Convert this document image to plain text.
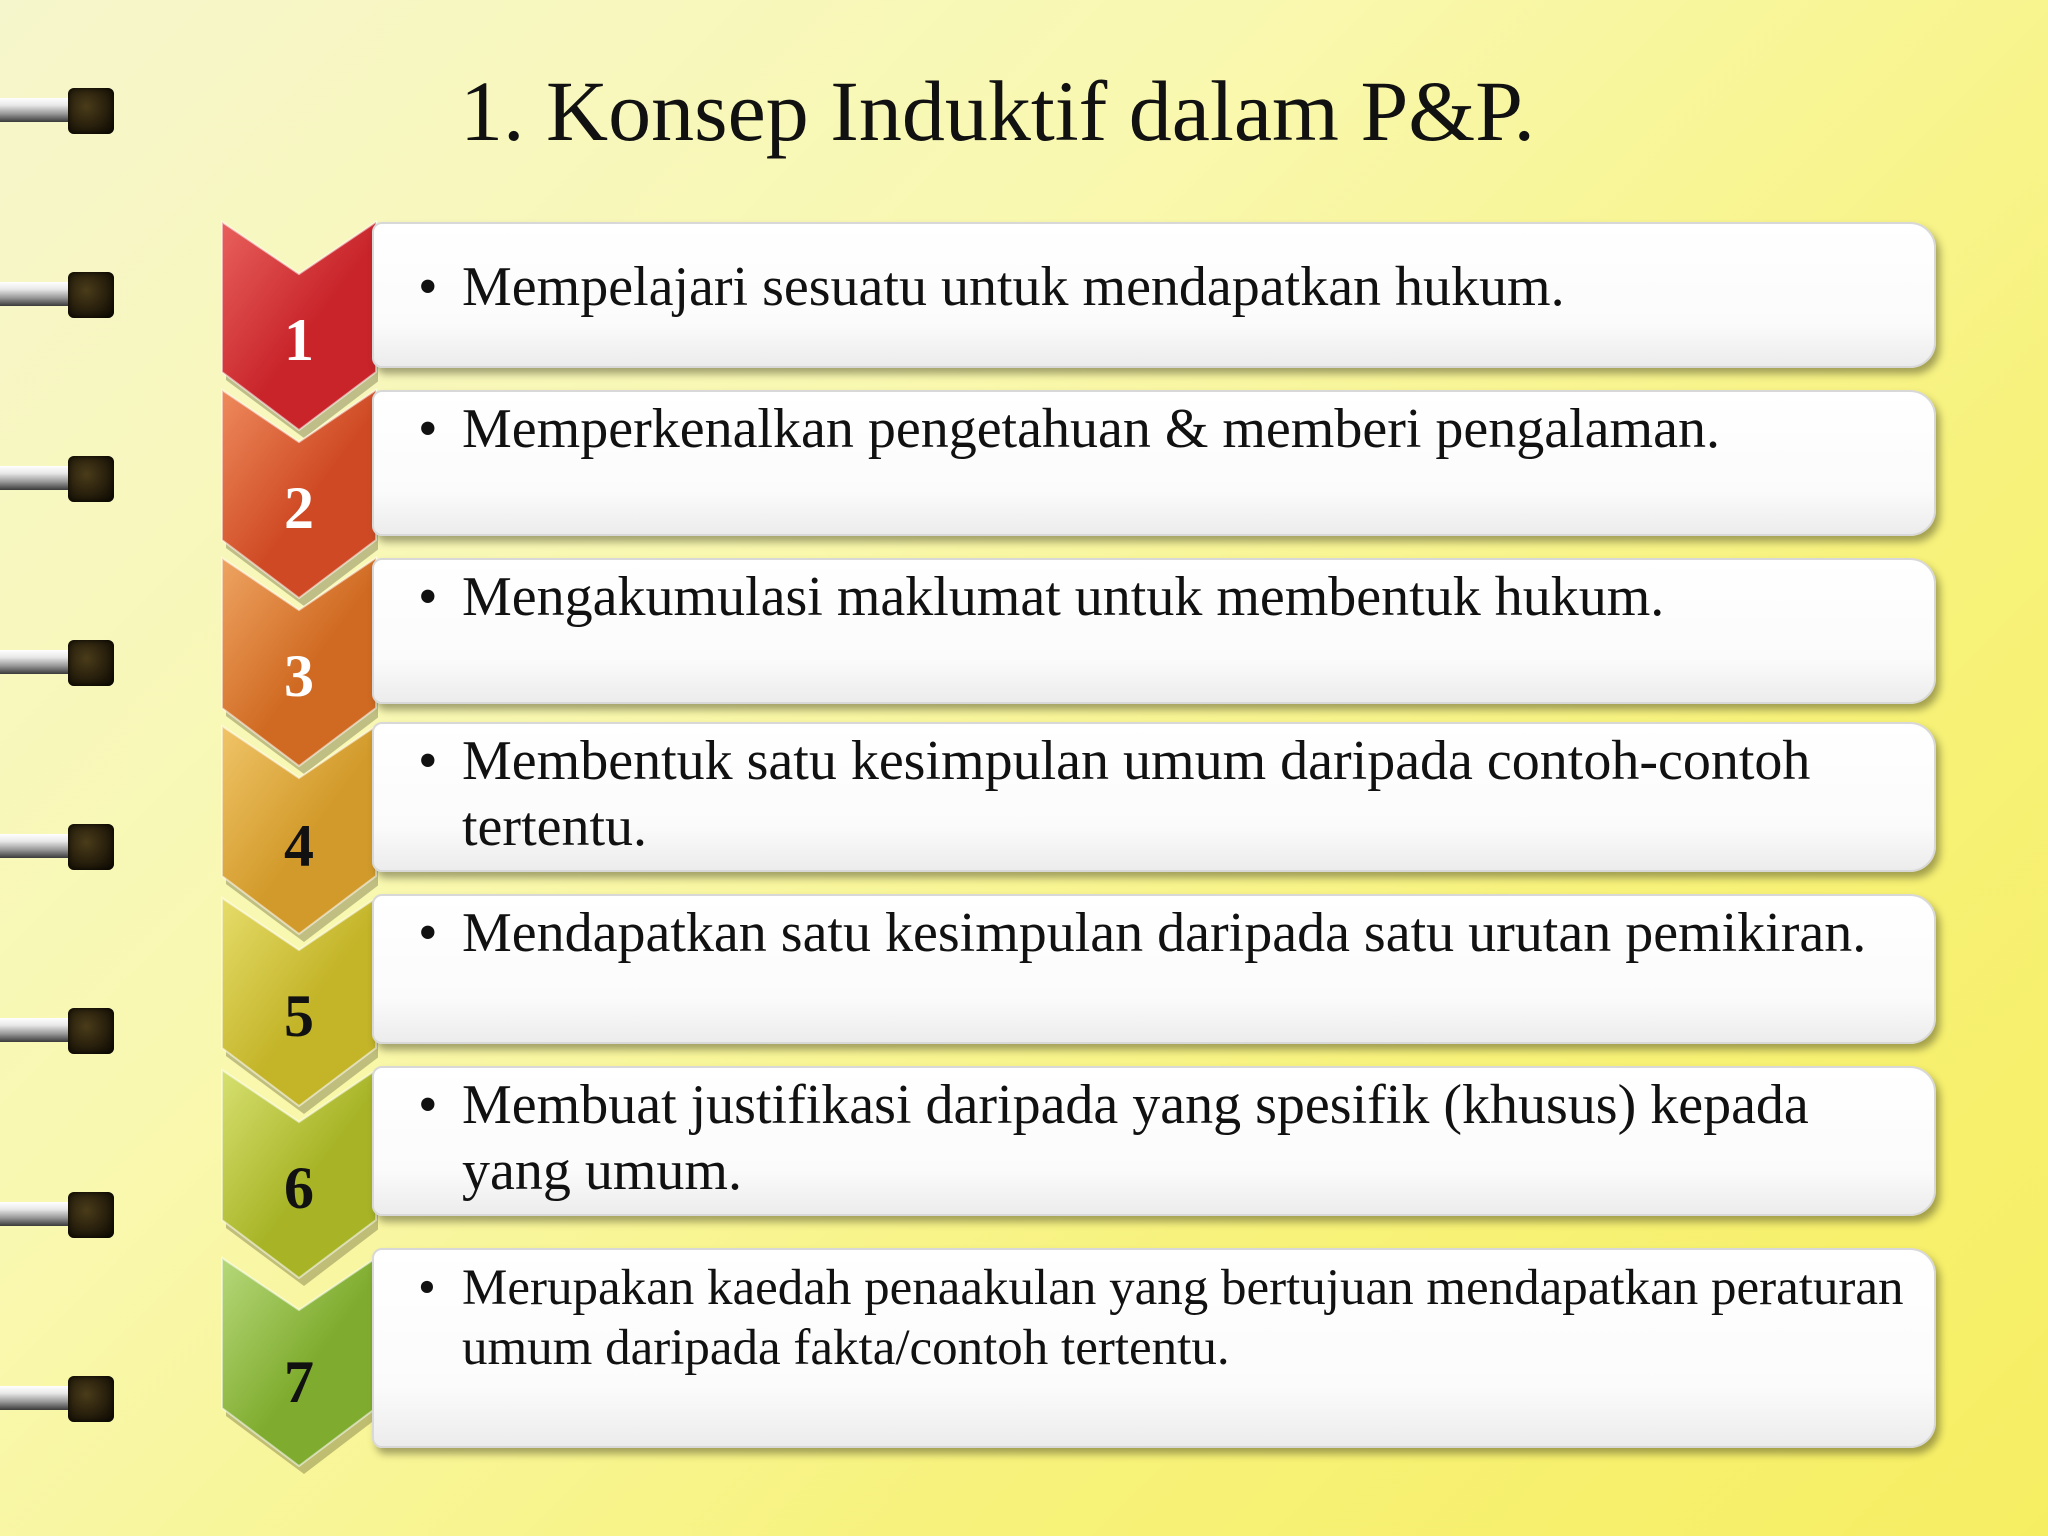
1. Konsep Induktif dalam P&P.
1
• Mempelajari sesuatu untuk mendapatkan hukum.
2
• Memperkenalkan pengetahuan & memberi pengalaman.
3
• Mengakumulasi maklumat untuk membentuk hukum.
4
• Membentuk satu kesimpulan umum daripada contoh-contoh tertentu.
5
• Mendapatkan satu kesimpulan daripada satu urutan pemikiran.
6
• Membuat justifikasi daripada yang spesifik (khusus) kepada yang umum.
7
• Merupakan kaedah penaakulan yang bertujuan mendapatkan peraturan umum daripada fakta/contoh tertentu.
